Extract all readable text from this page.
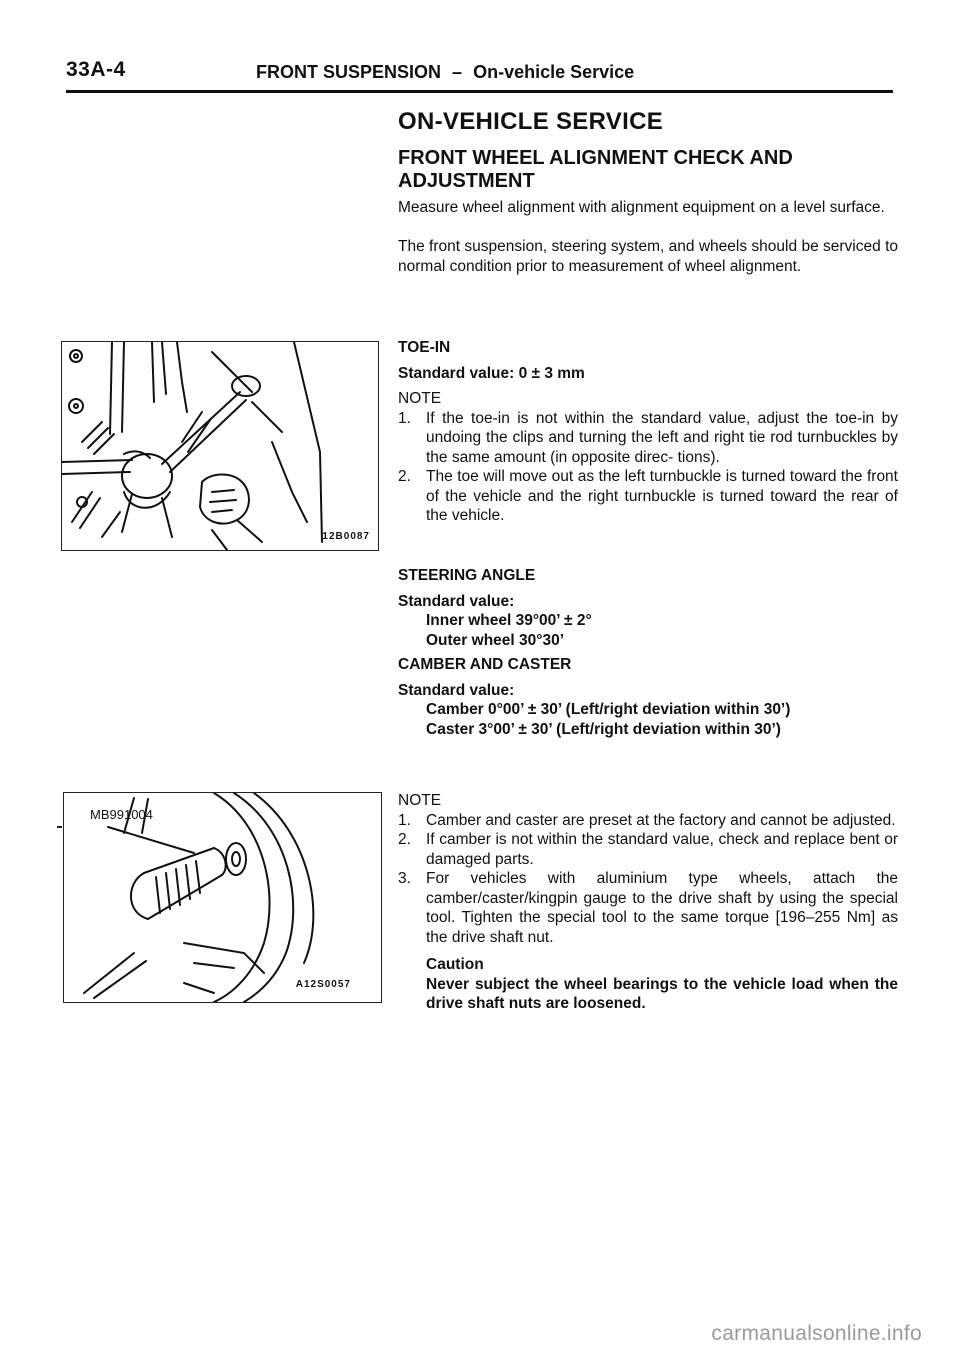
33A-4	FRONT SUSPENSION – On-vehicle Service
ON-VEHICLE SERVICE
FRONT WHEEL ALIGNMENT CHECK AND ADJUSTMENT
Measure wheel alignment with alignment equipment on a level surface.
The front suspension, steering system, and wheels should be serviced to normal condition prior to measurement of wheel alignment.
TOE-IN
Standard value: 0 ± 3 mm
NOTE
1. If the toe-in is not within the standard value, adjust the toe-in by undoing the clips and turning the left and right tie rod turnbuckles by the same amount (in opposite direc- tions).
2. The toe will move out as the left turnbuckle is turned toward the front of the vehicle and the right turnbuckle is turned toward the rear of the vehicle.
STEERING ANGLE
Standard value:
Inner wheel 39°00’ ± 2°
Outer wheel 30°30’
CAMBER AND CASTER
Standard value:
Camber 0°00’ ± 30’ (Left/right deviation within 30’)
Caster 3°00’ ± 30’ (Left/right deviation within 30’)
NOTE
1. Camber and caster are preset at the factory and cannot be adjusted.
2. If camber is not within the standard value, check and replace bent or damaged parts.
3. For vehicles with aluminium type wheels, attach the camber/caster/kingpin gauge to the drive shaft by using the special tool. Tighten the special tool to the same torque [196–255 Nm] as the drive shaft nut.
Caution
Never subject the wheel bearings to the vehicle load when the drive shaft nuts are loosened.
12B0087
MB991004
A12S0057
carmanualsonline.info
